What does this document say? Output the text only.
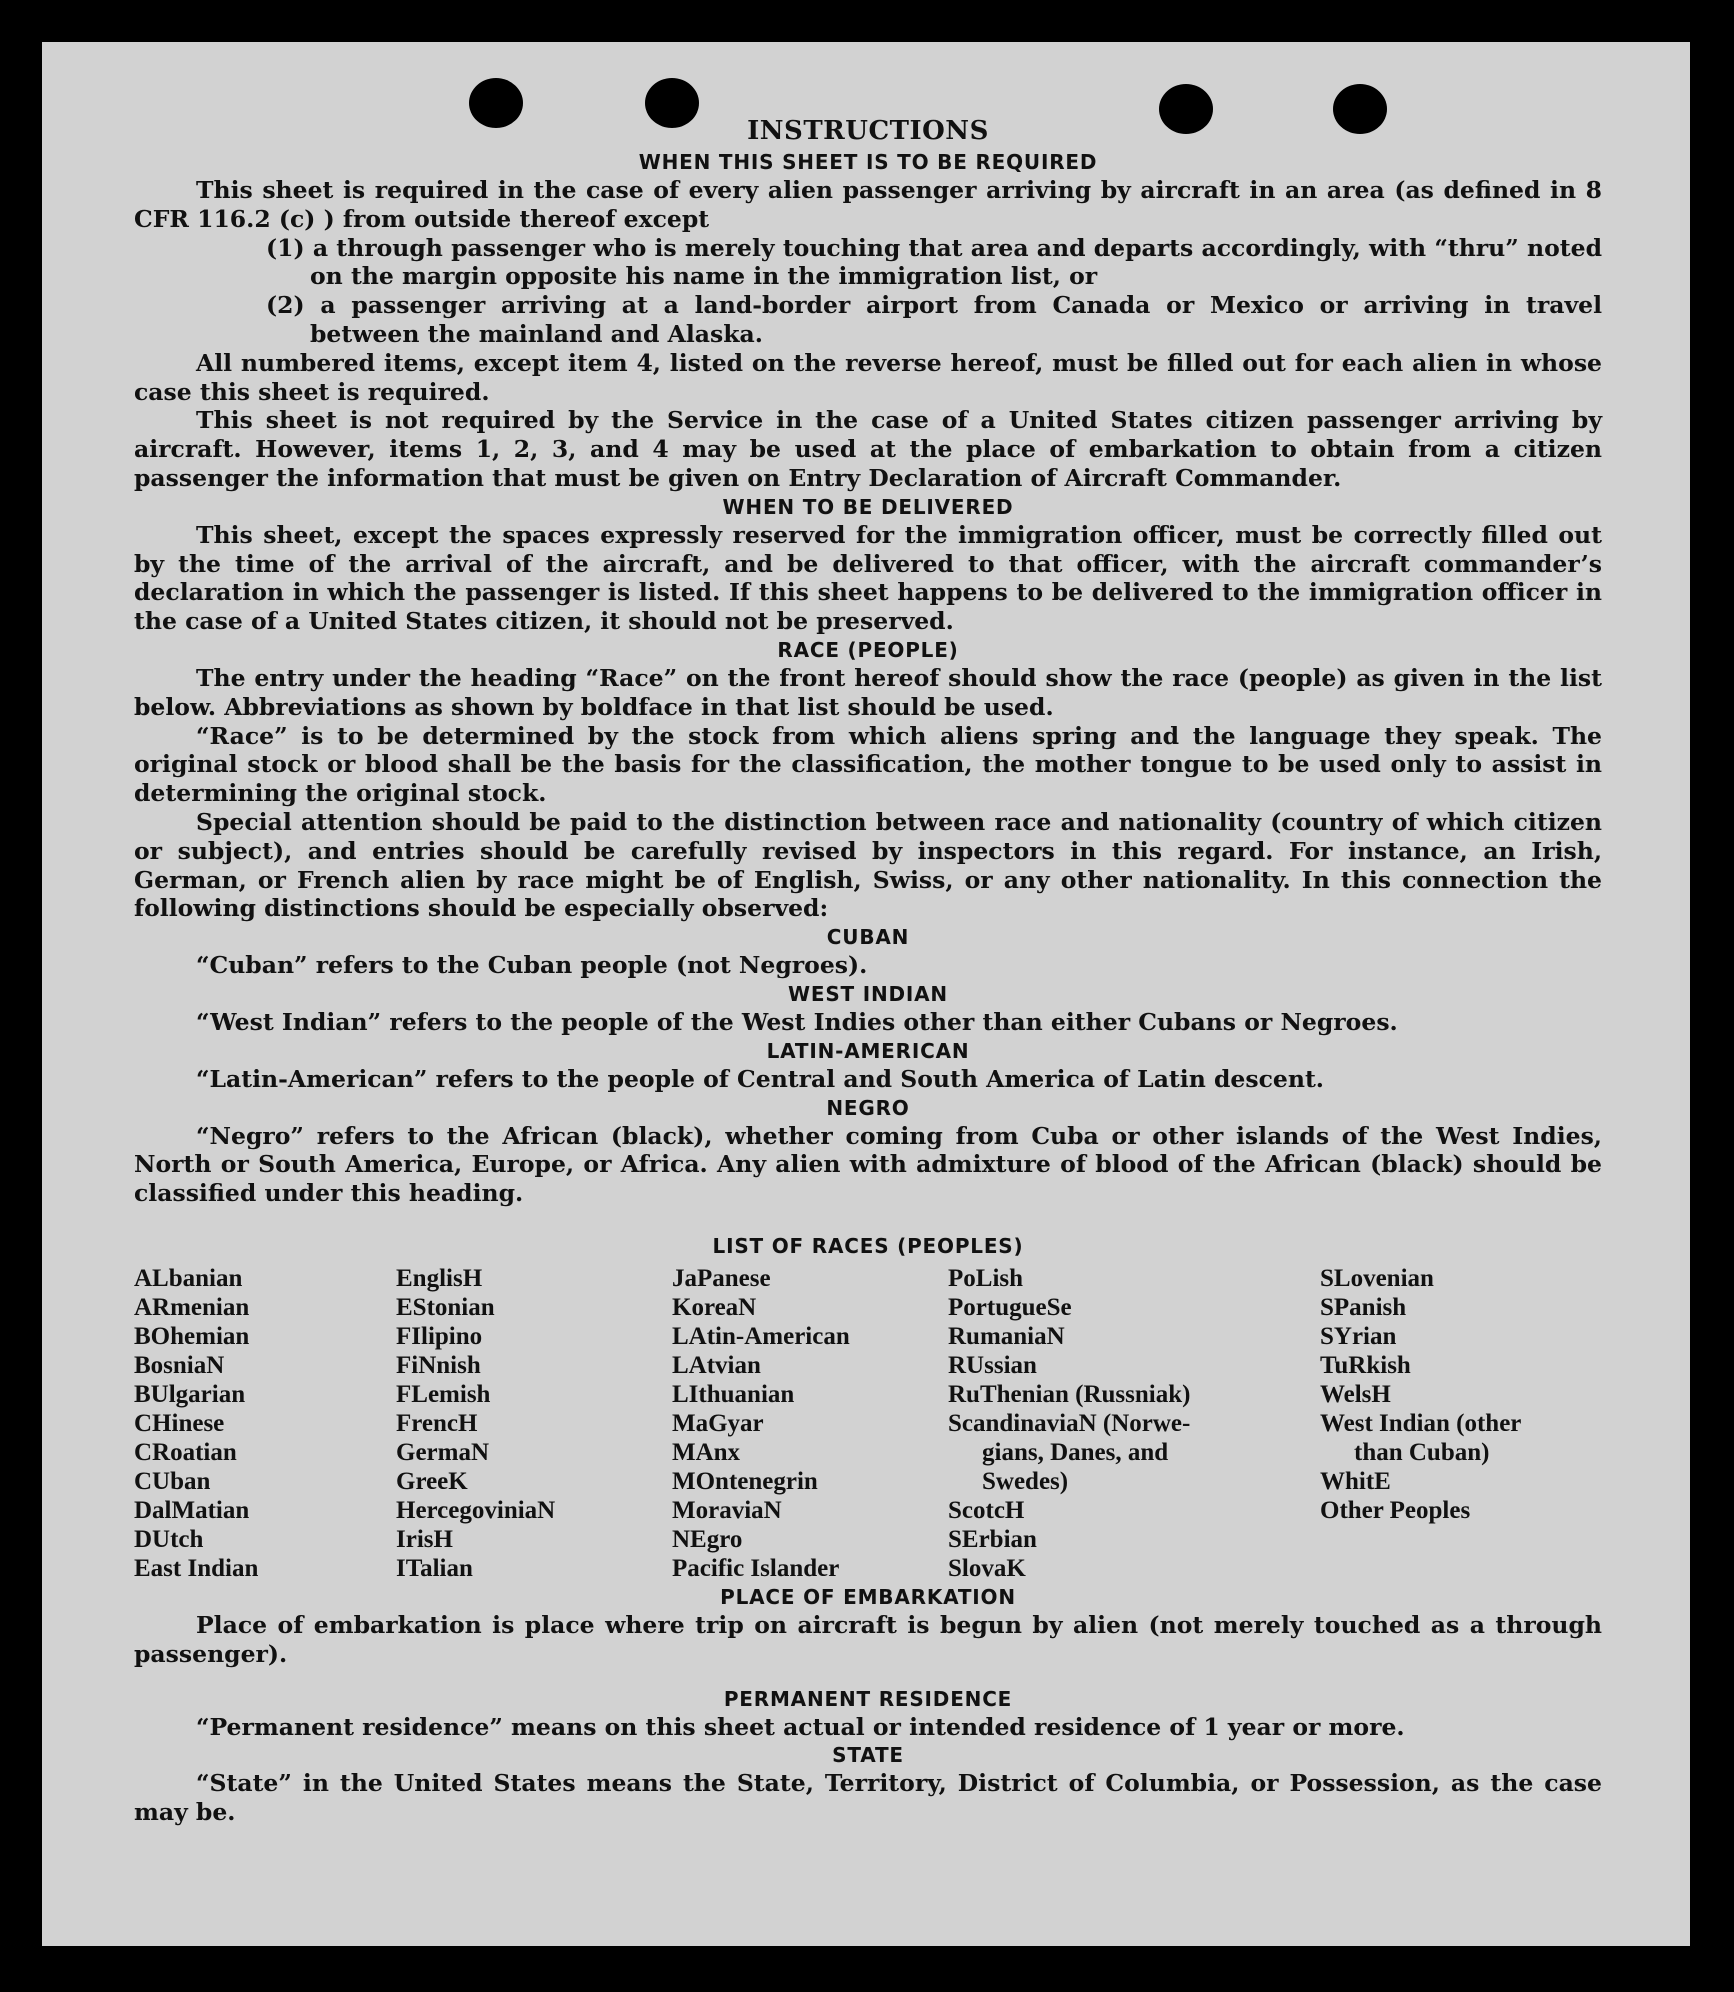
INSTRUCTIONS

WHEN THIS SHEET IS TO BE REQUIRED

This sheet is required in the case of every alien passenger arriving by aircraft in an area (as defined in 8 CFR 116.2 (c) ) from outside thereof except

(1) a through passenger who is merely touching that area and departs accordingly, with “thru” noted on the margin opposite his name in the immigration list, or

(2) a passenger arriving at a land-border airport from Canada or Mexico or arriving in travel between the mainland and Alaska.

All numbered items, except item 4, listed on the reverse hereof, must be filled out for each alien in whose case this sheet is required.

This sheet is not required by the Service in the case of a United States citizen passenger arriving by aircraft. However, items 1, 2, 3, and 4 may be used at the place of embarkation to obtain from a citizen passenger the information that must be given on Entry Declaration of Aircraft Commander.

WHEN TO BE DELIVERED

This sheet, except the spaces expressly reserved for the immigration officer, must be correctly filled out by the time of the arrival of the aircraft, and be delivered to that officer, with the aircraft commander’s declaration in which the passenger is listed. If this sheet happens to be delivered to the immigration officer in the case of a United States citizen, it should not be preserved.

RACE (PEOPLE)

The entry under the heading “Race” on the front hereof should show the race (people) as given in the list below. Abbreviations as shown by boldface in that list should be used.

“Race” is to be determined by the stock from which aliens spring and the language they speak. The original stock or blood shall be the basis for the classification, the mother tongue to be used only to assist in determining the original stock.

Special attention should be paid to the distinction between race and nationality (country of which citizen or subject), and entries should be carefully revised by inspectors in this regard. For instance, an Irish, German, or French alien by race might be of English, Swiss, or any other nationality. In this connection the following distinctions should be especially observed:

CUBAN

“Cuban” refers to the Cuban people (not Negroes).

WEST INDIAN

“West Indian” refers to the people of the West Indies other than either Cubans or Negroes.

LATIN-AMERICAN

“Latin-American” refers to the people of Central and South America of Latin descent.

NEGRO

“Negro” refers to the African (black), whether coming from Cuba or other islands of the West Indies, North or South America, Europe, or Africa. Any alien with admixture of blood of the African (black) should be classified under this heading.

LIST OF RACES (PEOPLES)

ALbanian
ARmenian
BOhemian
BosniaN
BUlgarian
CHinese
CRoatian
CUban
DalMatian
DUtch
East Indian
EnglisH
EStonian
FIlipino
FiNnish
FLemish
FrencH
GermaN
GreeK
HercegoviniaN
IrisH
ITalian
JaPanese
KoreaN
LAtin-American
LAtvian
LIthuanian
MaGyar
MAnx
MOntenegrin
MoraviaN
NEgro
Pacific Islander
PoLish
PortugueSe
RumaniaN
RUssian
RuThenian (Russniak)
ScandinaviaN (Norwe-
gians, Danes, and
Swedes)
ScotcH
SErbian
SlovaK
SLovenian
SPanish
SYrian
TuRkish
WelsH
West Indian (other
than Cuban)
WhitE
Other Peoples

PLACE OF EMBARKATION

Place of embarkation is place where trip on aircraft is begun by alien (not merely touched as a through passenger).

PERMANENT RESIDENCE

“Permanent residence” means on this sheet actual or intended residence of 1 year or more.

STATE

“State” in the United States means the State, Territory, District of Columbia, or Possession, as the case may be.
